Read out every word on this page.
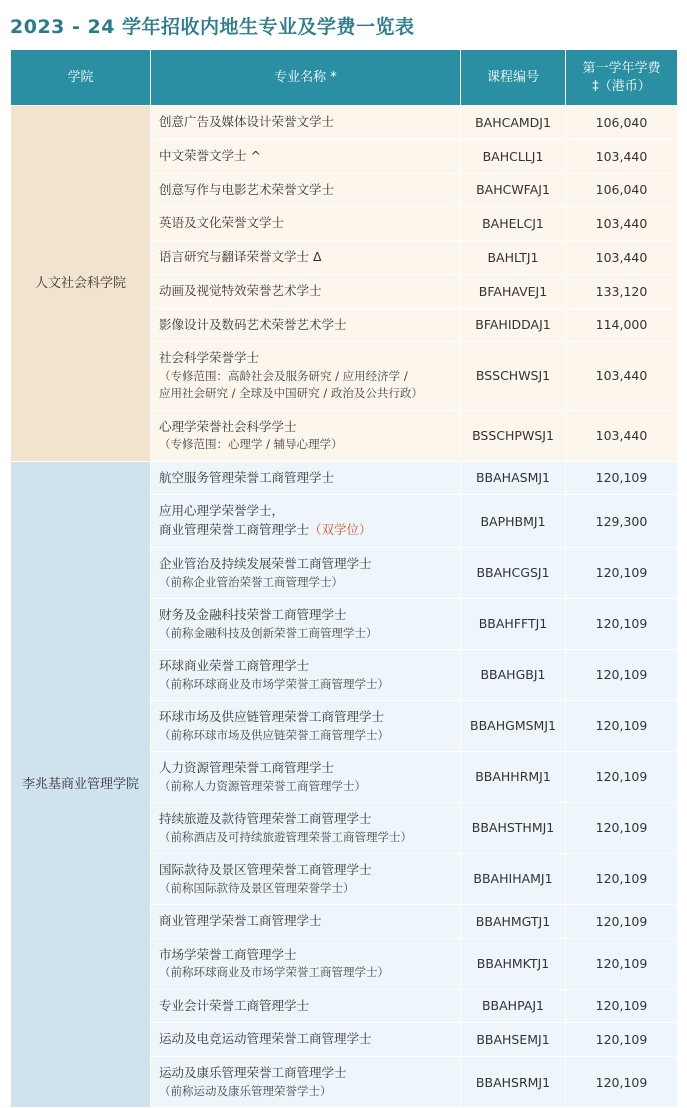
2023 - 24 学年招收内地生专业及学费一览表
学院	专业名称 *	课程编号	第一学年学费
‡（港币）
人文社会科学院	创意广告及媒体设计荣誉文学士	BAHCAMDJ1	106,040
	中文荣誉文学士 ^	BAHCLLJ1	103,440
	创意写作与电影艺术荣誉文学士	BAHCWFAJ1	106,040
	英语及文化荣誉文学士	BAHELCJ1	103,440
	语言研究与翻译荣誉文学士 Δ	BAHLTJ1	103,440
	动画及视觉特效荣誉艺术学士	BFAHAVEJ1	133,120
	影像设计及数码艺术荣誉艺术学士	BFAHIDDAJ1	114,000
	社会科学荣誉学士
（专修范围：高龄社会及服务研究 / 应用经济学 /
应用社会研究 / 全球及中国研究 / 政治及公共行政）	BSSCHWSJ1	103,440
	心理学荣誉社会科学学士
（专修范围：心理学 / 辅导心理学）	BSSCHPWSJ1	103,440
李兆基商业管理学院	航空服务管理荣誉工商管理学士	BBAHASMJ1	120,109
	应用心理学荣誉学士，
商业管理荣誉工商管理学士（双学位）	BAPHBMJ1	129,300
	企业管治及持续发展荣誉工商管理学士
（前称企业管治荣誉工商管理学士）	BBAHCGSJ1	120,109
	财务及金融科技荣誉工商管理学士
（前称金融科技及创新荣誉工商管理学士）	BBAHFFTJ1	120,109
	环球商业荣誉工商管理学士
（前称环球商业及市场学荣誉工商管理学士）	BBAHGBJ1	120,109
	环球市场及供应链管理荣誉工商管理学士
（前称环球市场及供应链荣誉工商管理学士）	BBAHGMSMJ1	120,109
	人力资源管理荣誉工商管理学士
（前称人力资源管理荣誉工商管理学士）	BBAHHRMJ1	120,109
	持续旅遊及款待管理荣誉工商管理学士
（前称酒店及可持续旅遊管理荣誉工商管理学士）	BBAHSTHMJ1	120,109
	国际款待及景区管理荣誉工商管理学士
（前称国际款待及景区管理荣誉学士）	BBAHIHAMJ1	120,109
	商业管理学荣誉工商管理学士	BBAHMGTJ1	120,109
	市场学荣誉工商管理学士
（前称环球商业及市场学荣誉工商管理学士）	BBAHMKTJ1	120,109
	专业会计荣誉工商管理学士	BBAHPAJ1	120,109
	运动及电竞运动管理荣誉工商管理学士	BBAHSEMJ1	120,109
	运动及康乐管理荣誉工商管理学士
（前称运动及康乐管理荣誉学士）	BBAHSRMJ1	120,109
